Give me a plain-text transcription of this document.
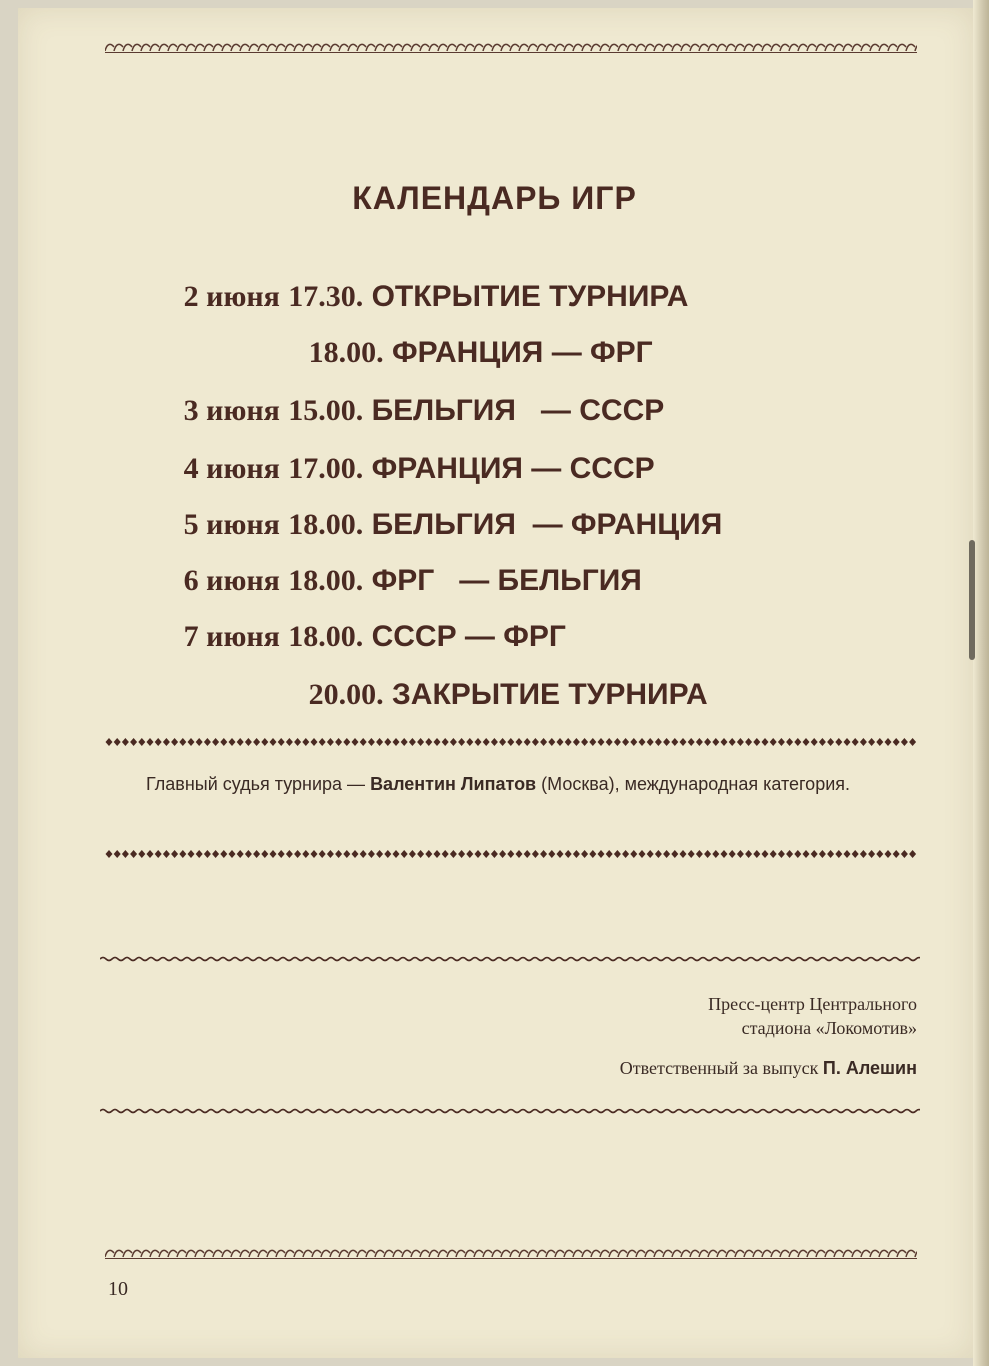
КАЛЕНДАРЬ ИГР

2 июня 17.30. ОТКРЫТИЕ ТУРНИРА

18.00. ФРАНЦИЯ — ФРГ

3 июня 15.00. БЕЛЬГИЯ   — СССР

4 июня 17.00. ФРАНЦИЯ — СССР

5 июня 18.00. БЕЛЬГИЯ  — ФРАНЦИЯ

6 июня 18.00. ФРГ   — БЕЛЬГИЯ

7 июня 18.00. СССР — ФРГ

20.00. ЗАКРЫТИЕ ТУРНИРА

Главный судья турнира — Валентин Липатов (Москва), международная категория.
Пресс-центр Центрального
стадиона «Локомотив»
Ответственный за выпуск П. Алешин
10
